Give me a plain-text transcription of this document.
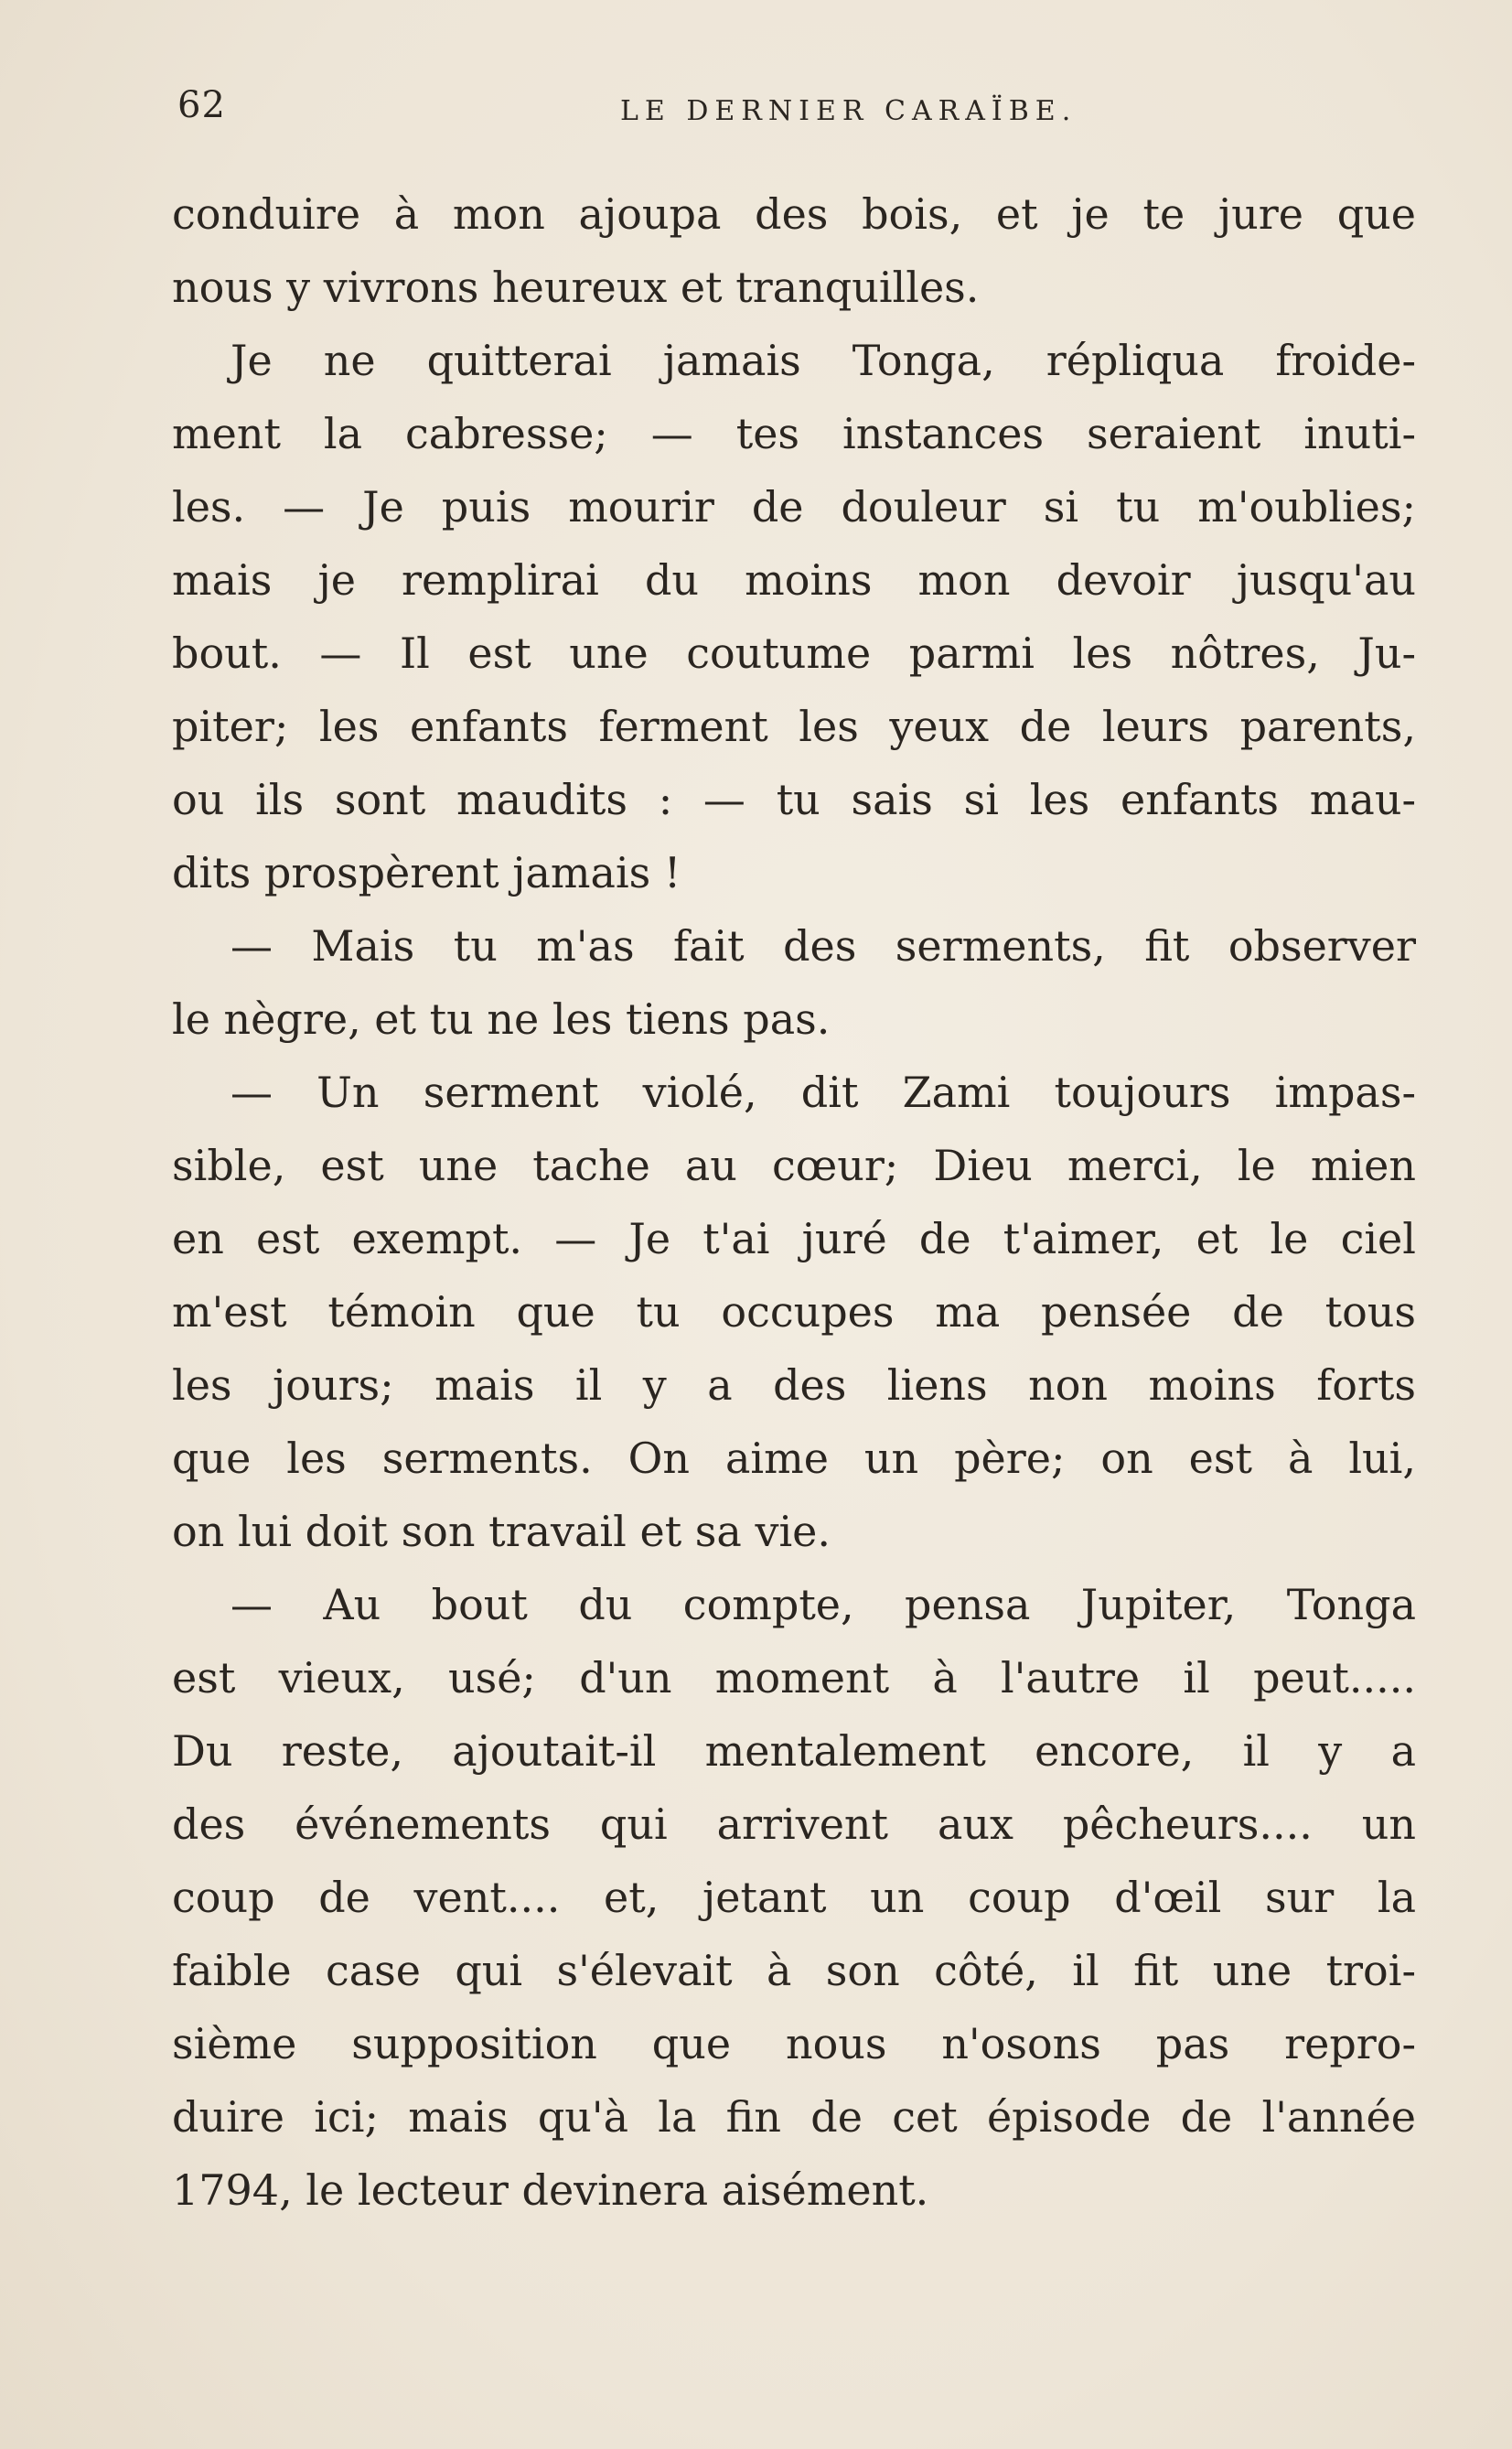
62	LE DERNIER CARAÏBE.
conduire à mon ajoupa des bois, et je te jure que
nous y vivrons heureux et tranquilles.
Je ne quitterai jamais Tonga, répliqua froide-
ment la cabresse; — tes instances seraient inuti-
les. — Je puis mourir de douleur si tu m'oublies;
mais je remplirai du moins mon devoir jusqu'au
bout. — Il est une coutume parmi les nôtres, Ju-
piter; les enfants ferment les yeux de leurs parents,
ou ils sont maudits : — tu sais si les enfants mau-
dits prospèrent jamais !
— Mais tu m'as fait des serments, fit observer
le nègre, et tu ne les tiens pas.
— Un serment violé, dit Zami toujours impas-
sible, est une tache au cœur; Dieu merci, le mien
en est exempt. — Je t'ai juré de t'aimer, et le ciel
m'est témoin que tu occupes ma pensée de tous
les jours; mais il y a des liens non moins forts
que les serments. On aime un père; on est à lui,
on lui doit son travail et sa vie.
— Au bout du compte, pensa Jupiter, Tonga
est vieux, usé; d'un moment à l'autre il peut.....
Du reste, ajoutait-il mentalement encore, il y a
des événements qui arrivent aux pêcheurs.... un
coup de vent.... et, jetant un coup d'œil sur la
faible case qui s'élevait à son côté, il fit une troi-
sième supposition que nous n'osons pas repro-
duire ici; mais qu'à la fin de cet épisode de l'année
1794, le lecteur devinera aisément.
